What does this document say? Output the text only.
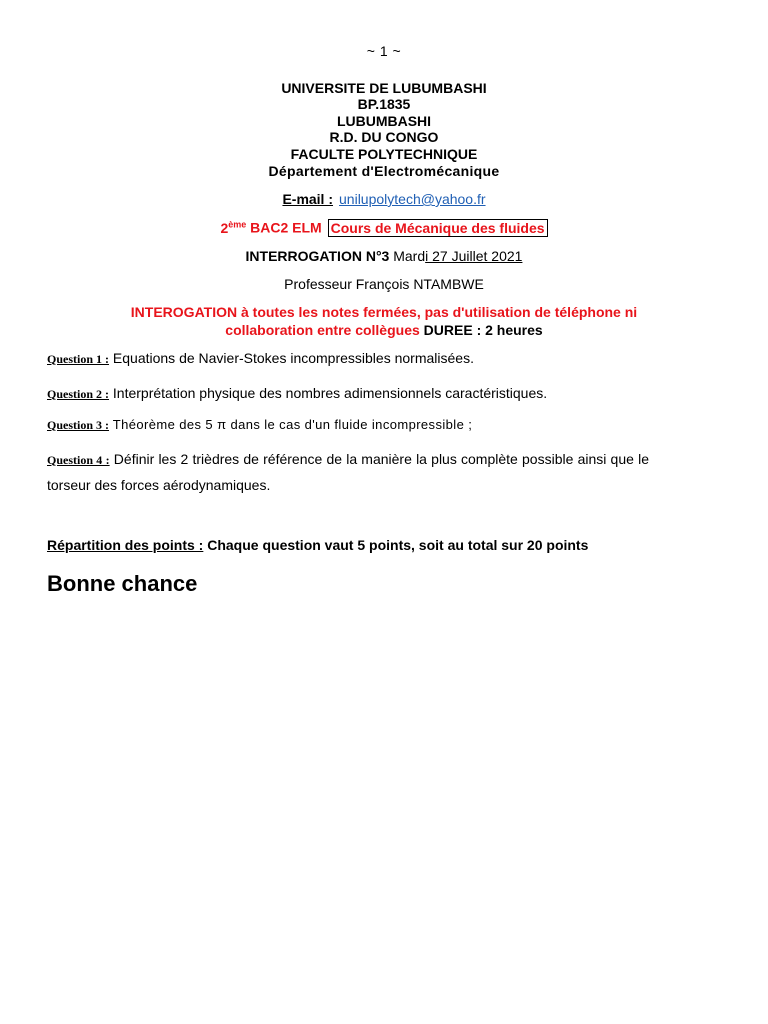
~ 1 ~
UNIVERSITE DE LUBUMBASHI
BP.1835
LUBUMBASHI
R.D. DU CONGO
FACULTE POLYTECHNIQUE
Département d'Electromécanique
E-mail : unilupolytech@yahoo.fr
2ème BAC2 ELM Cours de Mécanique des fluides
INTERROGATION N°3 Mardi 27 Juillet 2021
Professeur François NTAMBWE
INTEROGATION à toutes les notes fermées, pas d'utilisation de téléphone ni
collaboration entre collègues DUREE : 2 heures
Question 1 : Equations de Navier-Stokes incompressibles normalisées.
Question 2 : Interprétation physique des nombres adimensionnels caractéristiques.
Question 3 : Théorème des 5 π dans le cas d'un fluide incompressible ;
Question 4 : Définir les 2 trièdres de référence de la manière la plus complète possible ainsi que le torseur des forces aérodynamiques.
Répartition des points : Chaque question vaut 5 points, soit au total sur 20 points
Bonne chance
